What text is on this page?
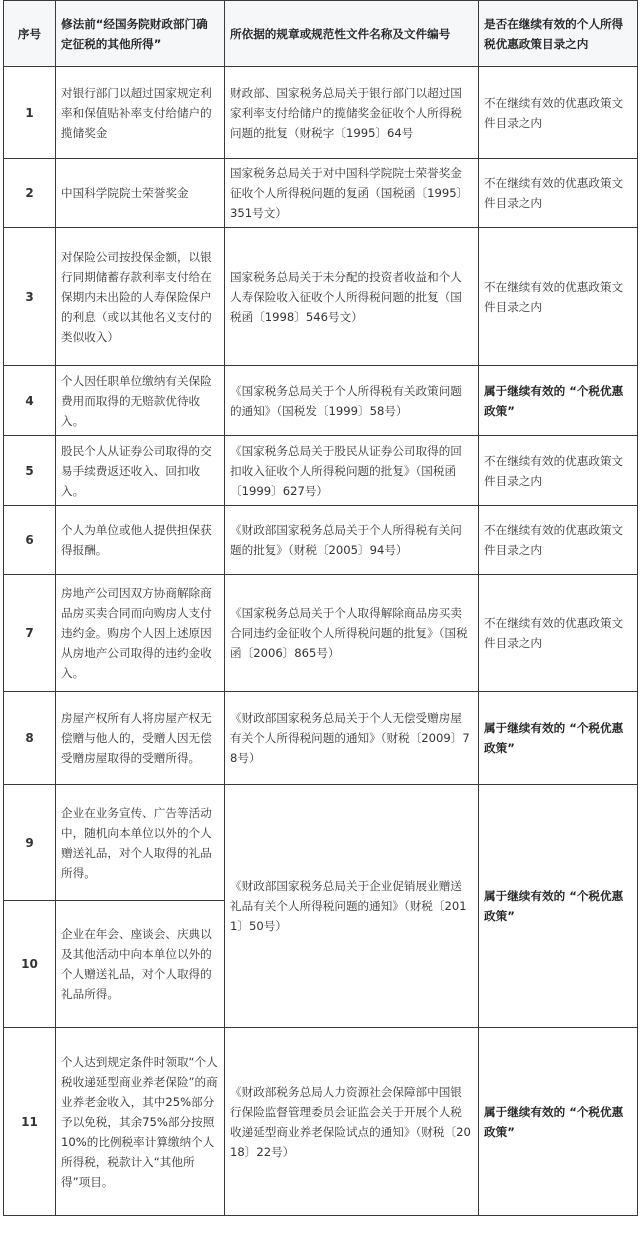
序号	修法前“经国务院财政部门确定征税的其他所得”	所依据的规章或规范性文件名称及文件编号	是否在继续有效的个人所得税优惠政策目录之内
1	对银行部门以超过国家规定利率和保值贴补率支付给储户的揽储奖金	财政部、国家税务总局关于银行部门以超过国家利率支付给储户的揽储奖金征收个人所得税问题的批复（财税字〔1995〕64号	不在继续有效的优惠政策文件目录之内
2	中国科学院院士荣誉奖金	国家税务总局关于对中国科学院院士荣誉奖金征收个人所得税问题的复函（国税函〔1995〕351号文）	不在继续有效的优惠政策文件目录之内
3	对保险公司按投保金额，以银行同期储蓄存款利率支付给在保期内未出险的人寿保险保户的利息（或以其他名义支付的类似收入）	国家税务总局关于未分配的投资者收益和个人人寿保险收入征收个人所得税问题的批复（国税函〔1998〕546号文）	不在继续有效的优惠政策文件目录之内
4	个人因任职单位缴纳有关保险费用而取得的无赔款优待收入。	《国家税务总局关于个人所得税有关政策问题的通知》（国税发〔1999〕58号）	属于继续有效的 “个税优惠政策”
5	股民个人从证券公司取得的交易手续费返还收入、回扣收入。	《国家税务总局关于股民从证券公司取得的回扣收入征收个人所得税问题的批复》（国税函〔1999〕627号）	不在继续有效的优惠政策文件目录之内
6	个人为单位或他人提供担保获得报酬。	《财政部国家税务总局关于个人所得税有关问题的批复》（财税〔2005〕94号）	不在继续有效的优惠政策文件目录之内
7	房地产公司因双方协商解除商品房买卖合同而向购房人支付违约金。购房个人因上述原因从房地产公司取得的违约金收入。	《国家税务总局关于个人取得解除商品房买卖合同违约金征收个人所得税问题的批复》（国税函〔2006〕865号）	不在继续有效的优惠政策文件目录之内
8	房屋产权所有人将房屋产权无偿赠与他人的，受赠人因无偿受赠房屋取得的受赠所得。	《财政部国家税务总局关于个人无偿受赠房屋有关个人所得税问题的通知》（财税〔2009〕78号）	属于继续有效的 “个税优惠政策”
9	企业在业务宣传、广告等活动中，随机向本单位以外的个人赠送礼品，对个人取得的礼品所得。	《财政部国家税务总局关于企业促销展业赠送礼品有关个人所得税问题的通知》（财税〔2011〕50号）	属于继续有效的 “个税优惠政策”
10	企业在年会、座谈会、庆典以及其他活动中向本单位以外的个人赠送礼品，对个人取得的礼品所得。		
11	个人达到规定条件时领取“个人税收递延型商业养老保险”的商业养老金收入，其中25%部分予以免税，其余75%部分按照10%的比例税率计算缴纳个人所得税，税款计入“其他所得”项目。	《财政部税务总局人力资源社会保障部中国银行保险监督管理委员会证监会关于开展个人税收递延型商业养老保险试点的通知》（财税〔2018〕22号）	属于继续有效的 “个税优惠政策”
